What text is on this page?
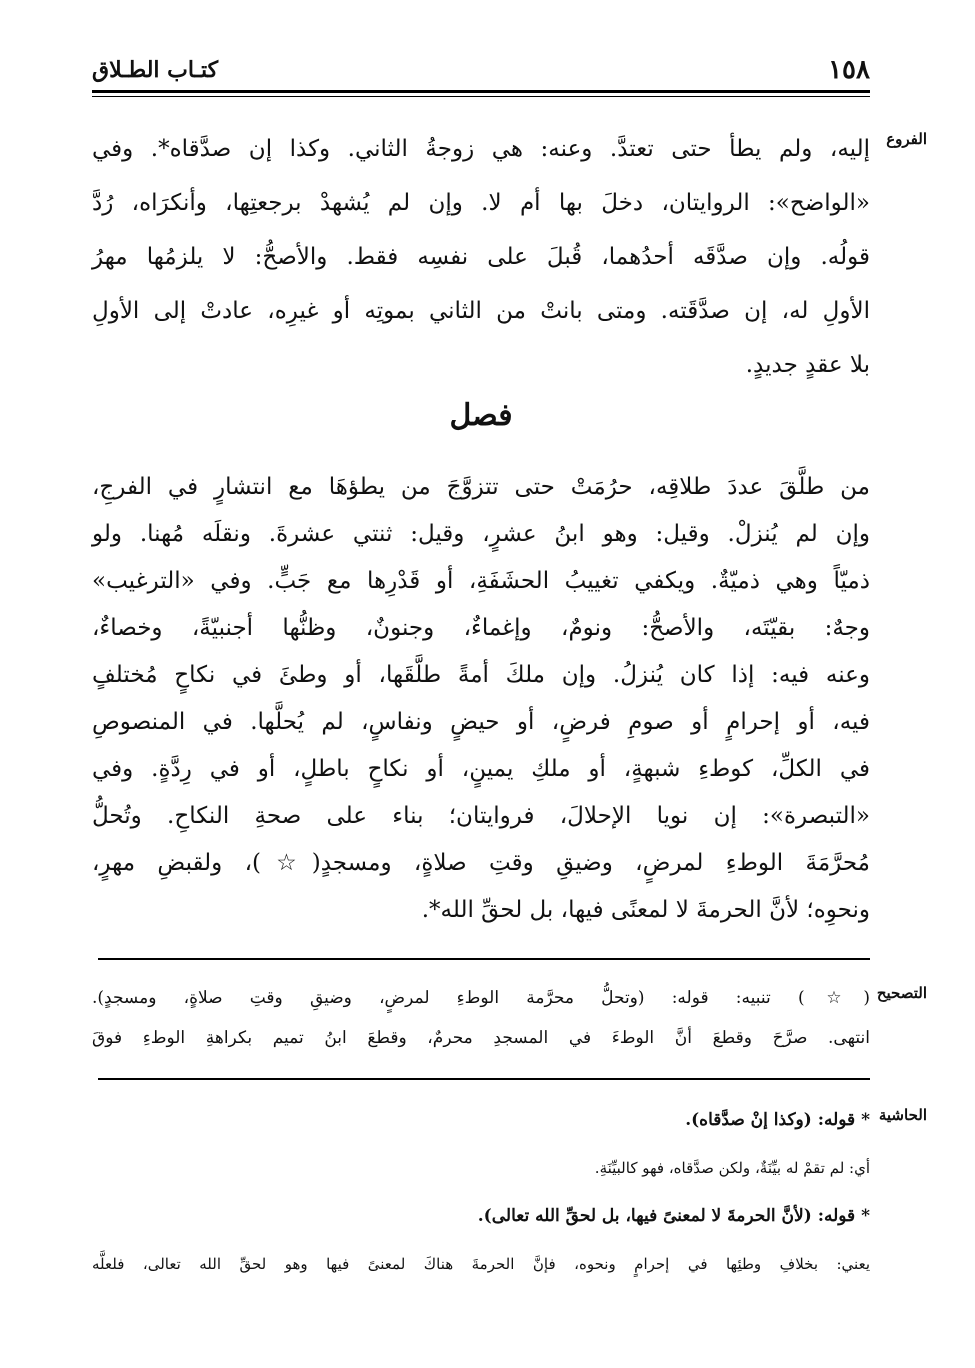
١٥٨
كتـاب الطـلاق
الفروع
إليه، ولم يطأ حتى تعتدَّ. وعنه: هي زوجةُ الثاني. وكذا إن صدَّقاه*. وفي
«الواضح»: الروايتان، دخلَ بها أم لا. وإن لم يُشهدْ برجعتِها، وأنكرَاه، رُدَّ
قولُه. وإن صدَّقَه أحدُهما، قُبلَ على نفسِه فقط. والأصحُّ: لا يلزمُها مهرُ
الأولِ له، إن صدَّقَته. ومتى بانتْ من الثاني بموتِه أو غيرِه، عادتْ إلى الأولِ
بلا عقدٍ جديدٍ.
فصل
من طلَّقَ عددَ طلاقِه، حرُمَتْ حتى تتزوَّجَ من يطؤهَا مع انتشارٍ في الفرجِ،
وإن لم يُنزلْ. وقيل: وهو ابنُ عشرٍ، وقيل: ثنتي عشرةَ. ونقلَه مُهنا. ولو
ذميّاً وهي ذميّةٌ. ويكفي تغييبُ الحشَفَةِ، أو قَدْرِها مع جَبٍّ. وفي «الترغيب»
وجهٌ: بقيّتَه، والأصحُّ: ونومٌ، وإغماءٌ، وجنونٌ، وظنُّها أجنبيّةً، وخصاءٌ،
وعنه فيه: إذا كان يُنزلُ. وإن ملكَ أمةً طلَّقَها، أو وطئَ في نكاحٍ مُختلفٍ
فيه، أو إحرامٍ أو صومِ فرضٍ، أو حيضٍ ونفاسٍ، لم يُحلَّها. في المنصوصِ
في الكلِّ، كوطءِ شبهةٍ، أو ملكِ يمينٍ، أو نكاحٍ باطلٍ، أو في رِدَّةٍ. وفي
«التبصرة»: إن نويا الإحلالَ، فروايتان؛ بناء على صحةِ النكاحِ. وتُحلُّ
مُحرَّمَةَ الوطءِ لمرضٍ، وضيقِ وقتِ صلاةٍ، ومسجدٍ(☆)، ولقبضِ مهرٍ،
ونحوِه؛ لأنَّ الحرمةَ لا لمعنًى فيها، بل لحقِّ الله*.
التصحيح
(☆) تنبيه: قوله: (وتحلُّ محرَّمة الوطءِ لمرضٍ، وضيقِ وقتِ صلاةٍ، ومسجدٍ).
انتهى. صرَّحَ وقطعَ أنَّ الوطءَ في المسجدِ محرمٌ، وقطعَ ابنُ تميم بكراهةِ الوطءِ فوقَ
الحاشية
* قوله: (وكذا إنْ صدَّقاه).
أي: لم تقمْ له بيِّنَةٌ، ولكن صدَّقاه، فهو كالبيِّنَةِ.
* قوله: (لأنَّ الحرمةَ لا لمعنىً فيها، بل لحقِّ الله تعالى).
يعني: بخلافِ وطئِها في إحرامٍ ونحوه، فإنَّ الحرمةَ هناكَ لمعنىً فيها وهو لحقِّ الله تعالى، فلعلَّه
